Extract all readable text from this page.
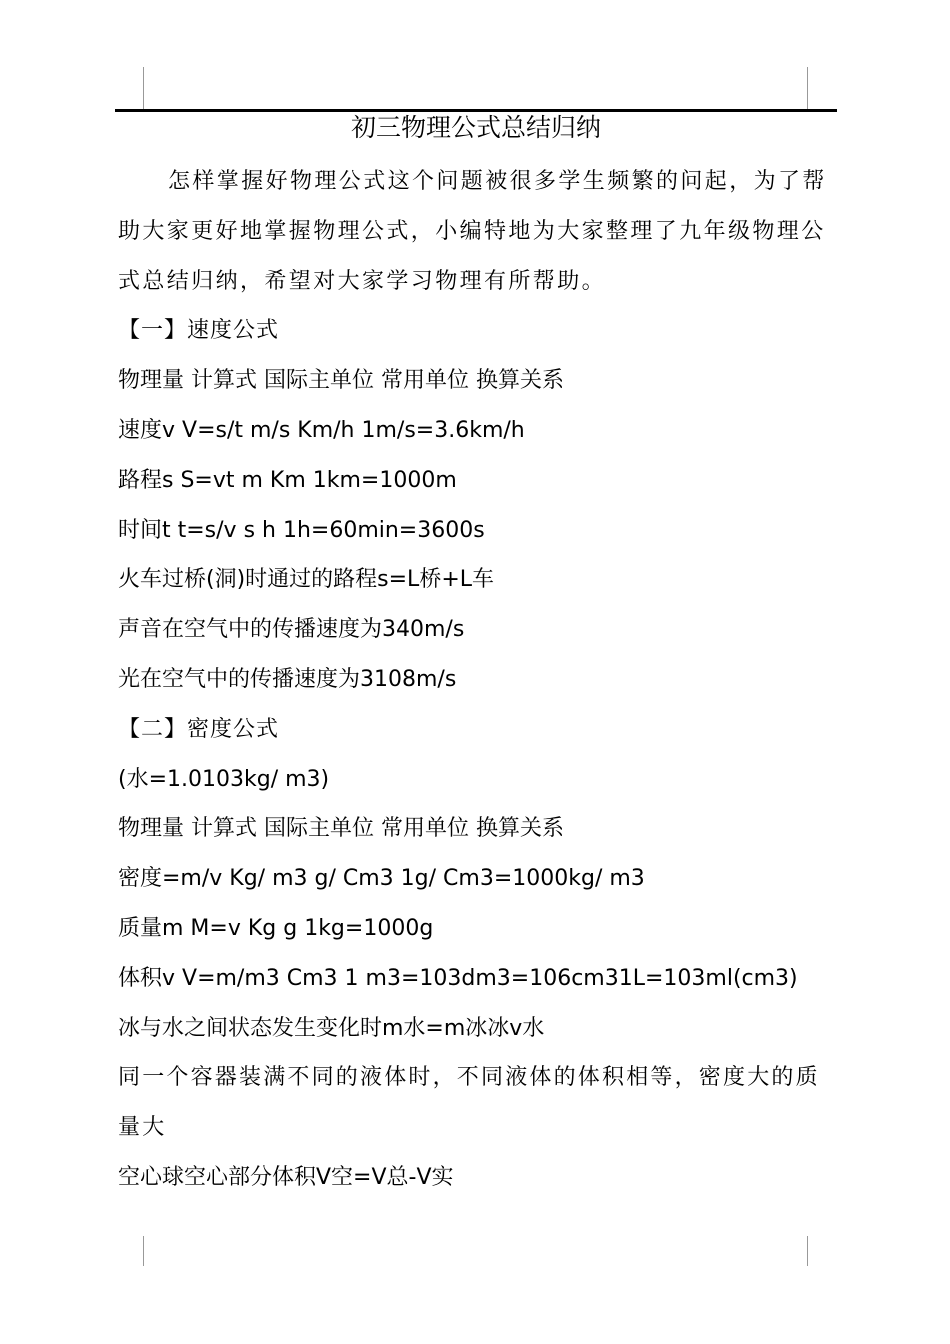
初三物理公式总结归纳

怎样掌握好物理公式这个问题被很多学生频繁的问起，为了帮助大家更好地掌握物理公式，小编特地为大家整理了九年级物理公式总结归纳，希望对大家学习物理有所帮助。

【一】速度公式

物理量 计算式 国际主单位 常用单位 换算关系

速度v V=s/t m/s Km/h 1m/s=3.6km/h

路程s S=vt m Km 1km=1000m

时间t t=s/v s h 1h=60min=3600s

火车过桥(洞)时通过的路程s=L桥+L车

声音在空气中的传播速度为340m/s

光在空气中的传播速度为3108m/s

【二】密度公式

(水=1.0103kg/ m3)

物理量 计算式 国际主单位 常用单位 换算关系

密度=m/v Kg/ m3 g/ Cm3 1g/ Cm3=1000kg/ m3

质量m M=v Kg g 1kg=1000g

体积v V=m/m3 Cm3 1 m3=103dm3=106cm31L=103ml(cm3)

冰与水之间状态发生变化时m水=m冰冰v水

同一个容器装满不同的液体时，不同液体的体积相等，密度大的质量大

空心球空心部分体积V空=V总-V实
